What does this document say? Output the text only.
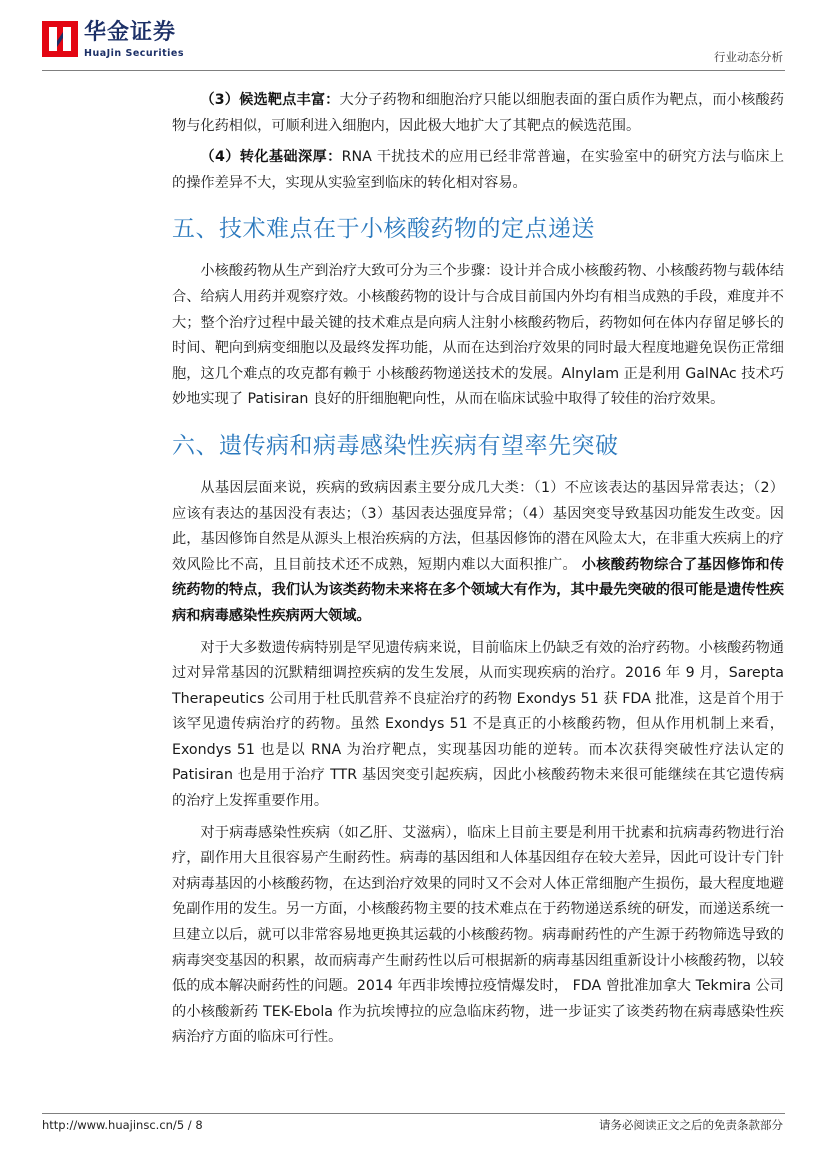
华金证券
HuaJin Securities	行业动态分析

（3）候选靶点丰富：大分子药物和细胞治疗只能以细胞表面的蛋白质作为靶点，而小核酸药物与化药相似，可顺利进入细胞内，因此极大地扩大了其靶点的候选范围。

（4）转化基础深厚：RNA 干扰技术的应用已经非常普遍，在实验室中的研究方法与临床上的操作差异不大，实现从实验室到临床的转化相对容易。

五、技术难点在于小核酸药物的定点递送

小核酸药物从生产到治疗大致可分为三个步骤：设计并合成小核酸药物、小核酸药物与载体结合、给病人用药并观察疗效。小核酸药物的设计与合成目前国内外均有相当成熟的手段，难度并不大；整个治疗过程中最关键的技术难点是向病人注射小核酸药物后，药物如何在体内存留足够长的时间、靶向到病变细胞以及最终发挥功能，从而在达到治疗效果的同时最大程度地避免误伤正常细胞，这几个难点的攻克都有赖于 小核酸药物递送技术的发展。Alnylam 正是利用 GalNAc 技术巧妙地实现了 Patisiran 良好的肝细胞靶向性，从而在临床试验中取得了较佳的治疗效果。

六、遗传病和病毒感染性疾病有望率先突破

从基因层面来说，疾病的致病因素主要分成几大类：（1）不应该表达的基因异常表达；（2）应该有表达的基因没有表达；（3）基因表达强度异常；（4）基因突变导致基因功能发生改变。因此，基因修饰自然是从源头上根治疾病的方法，但基因修饰的潜在风险太大，在非重大疾病上的疗效风险比不高，且目前技术还不成熟，短期内难以大面积推广。 小核酸药物综合了基因修饰和传统药物的特点，我们认为该类药物未来将在多个领域大有作为，其中最先突破的很可能是遗传性疾病和病毒感染性疾病两大领域。

对于大多数遗传病特别是罕见遗传病来说，目前临床上仍缺乏有效的治疗药物。小核酸药物通过对异常基因的沉默精细调控疾病的发生发展，从而实现疾病的治疗。2016 年 9 月，Sarepta Therapeutics 公司用于杜氏肌营养不良症治疗的药物 Exondys 51 获 FDA 批准，这是首个用于该罕见遗传病治疗的药物。虽然 Exondys 51 不是真正的小核酸药物，但从作用机制上来看，Exondys 51 也是以 RNA 为治疗靶点，实现基因功能的逆转。而本次获得突破性疗法认定的 Patisiran 也是用于治疗 TTR 基因突变引起疾病，因此小核酸药物未来很可能继续在其它遗传病的治疗上发挥重要作用。

对于病毒感染性疾病（如乙肝、艾滋病），临床上目前主要是利用干扰素和抗病毒药物进行治疗，副作用大且很容易产生耐药性。病毒的基因组和人体基因组存在较大差异，因此可设计专门针对病毒基因的小核酸药物，在达到治疗效果的同时又不会对人体正常细胞产生损伤，最大程度地避免副作用的发生。另一方面，小核酸药物主要的技术难点在于药物递送系统的研发，而递送系统一旦建立以后，就可以非常容易地更换其运载的小核酸药物。病毒耐药性的产生源于药物筛选导致的病毒突变基因的积累，故而病毒产生耐药性以后可根据新的病毒基因组重新设计小核酸药物，以较低的成本解决耐药性的问题。2014 年西非埃博拉疫情爆发时， FDA 曾批准加拿大 Tekmira 公司的小核酸新药 TEK-Ebola 作为抗埃博拉的应急临床药物，进一步证实了该类药物在病毒感染性疾病治疗方面的临床可行性。

http://www.huajinsc.cn/5 / 8	请务必阅读正文之后的免责条款部分
